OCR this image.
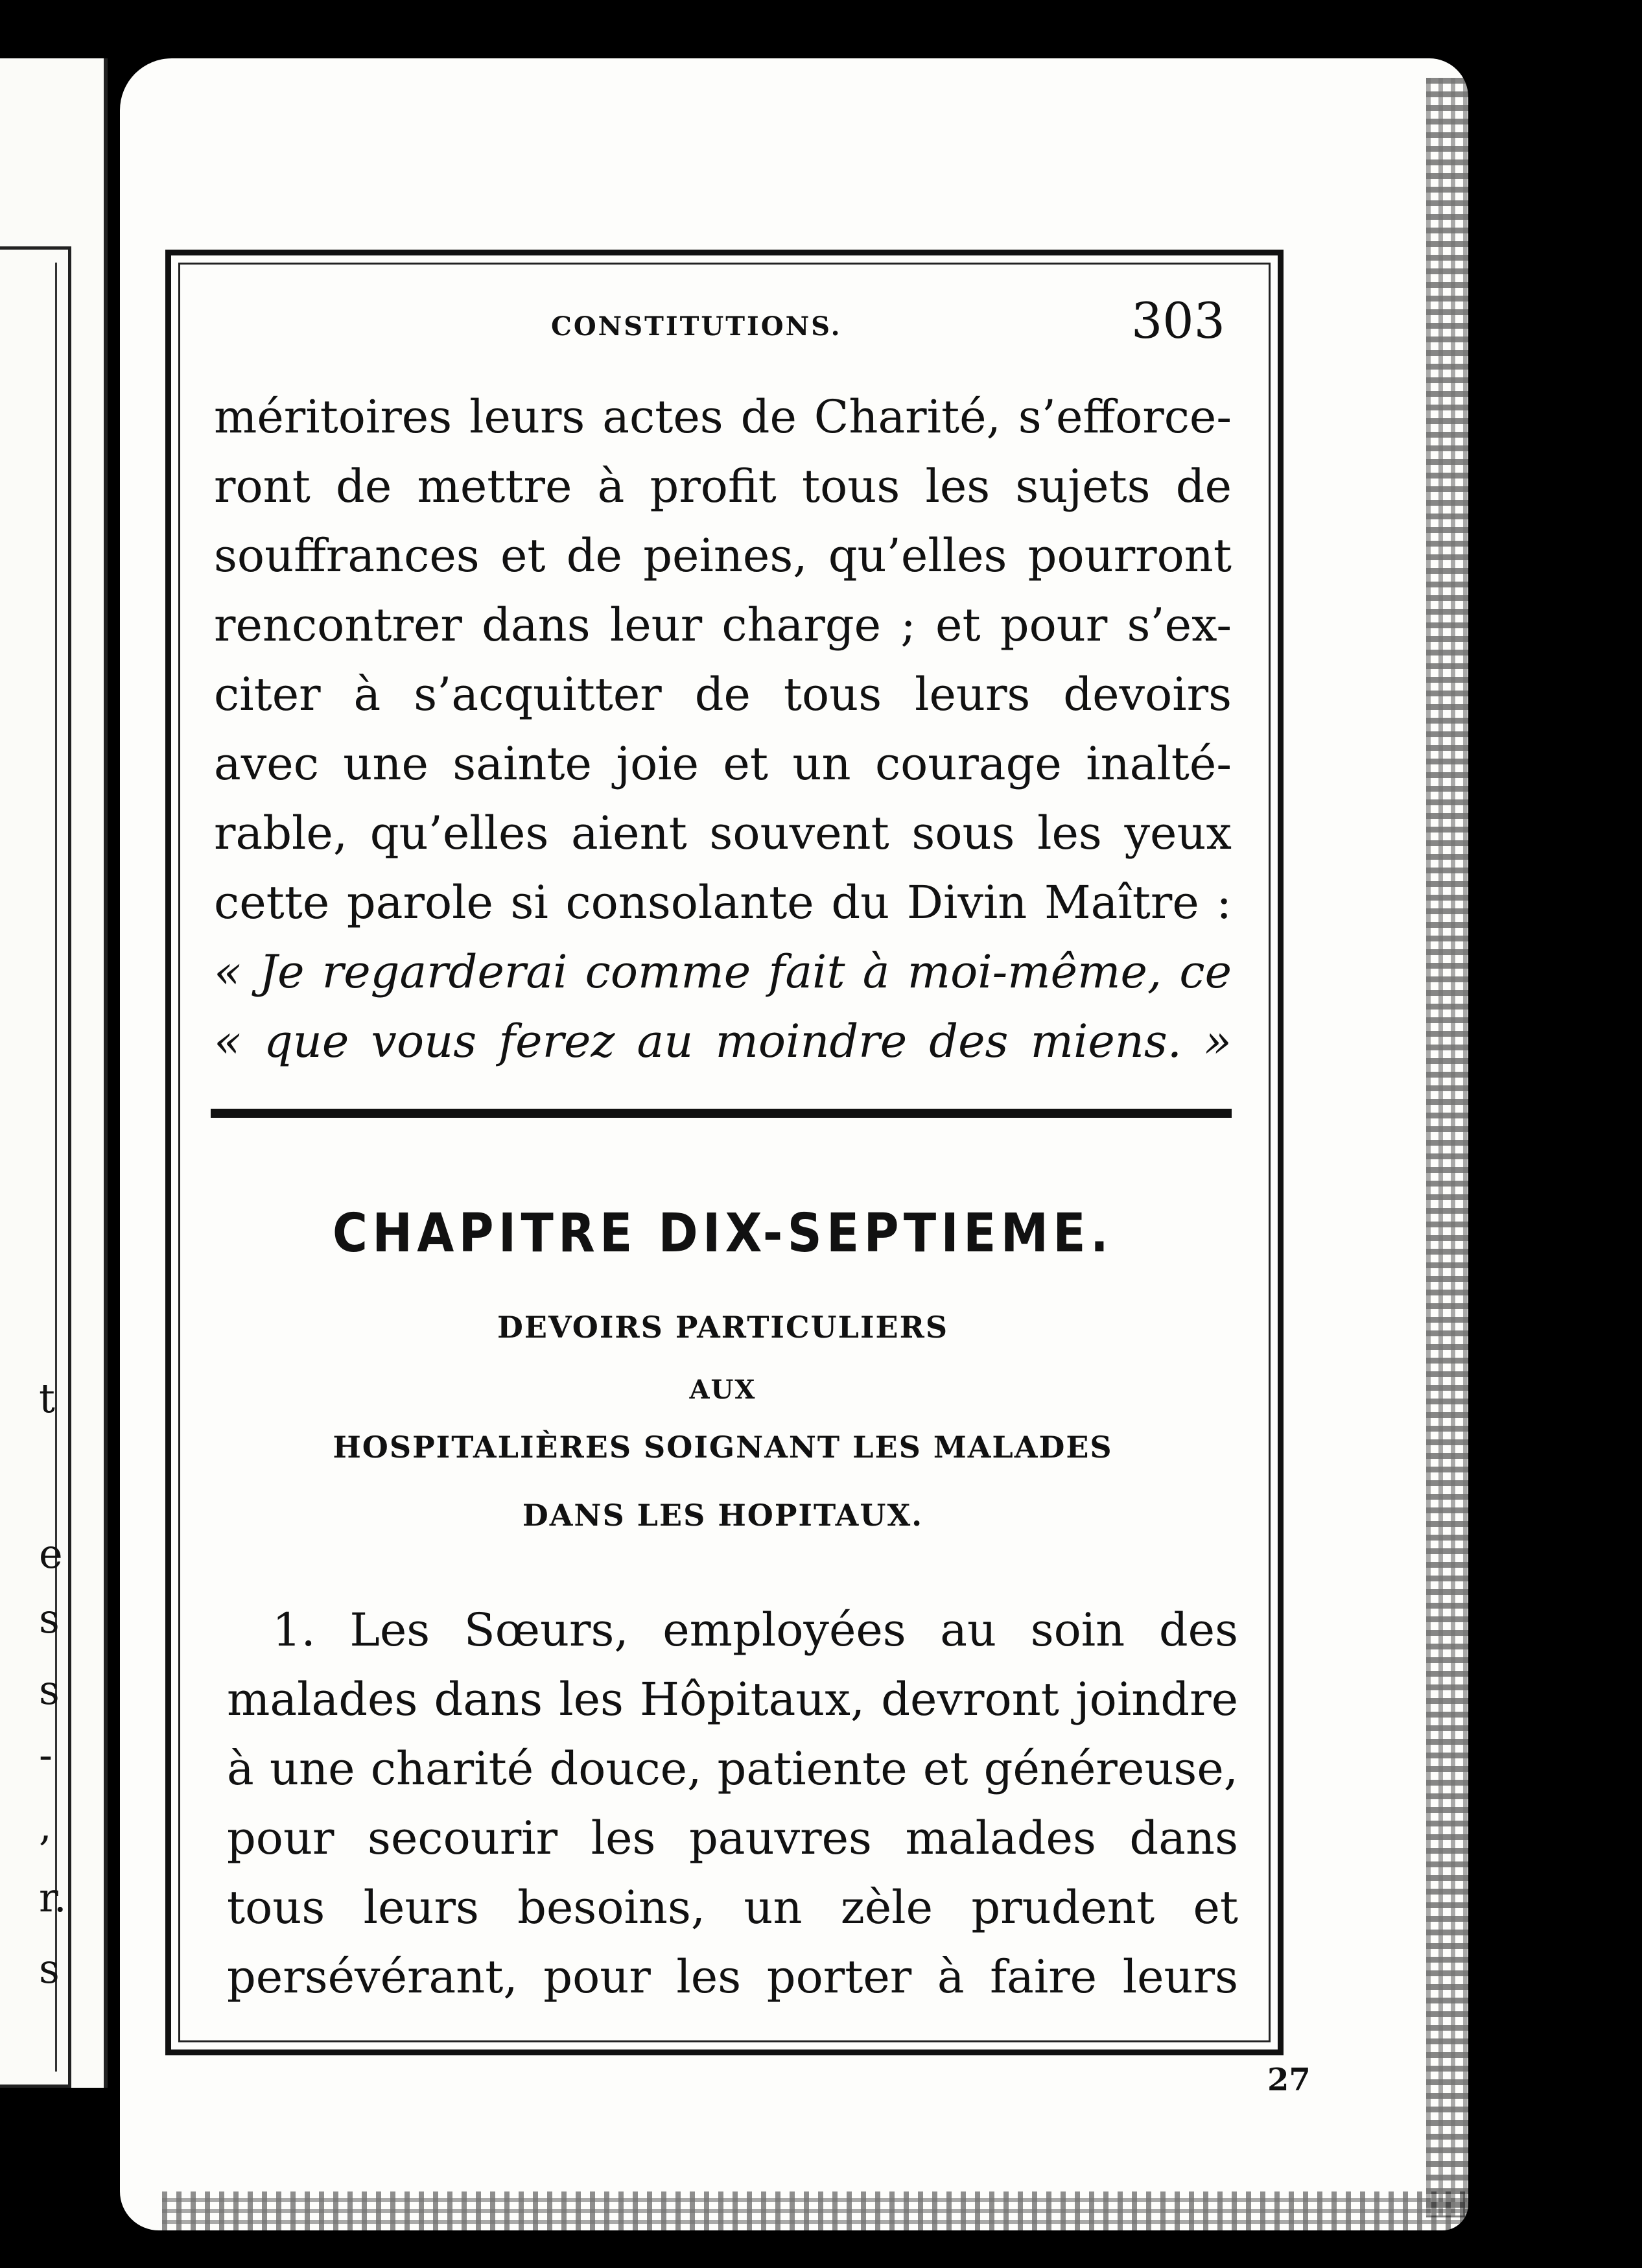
t
e
s
s
-
,
r.
s
CONSTITUTIONS.	303
méritoires leurs actes de Charité, s’efforce-
ront de mettre à profit tous les sujets de
souffrances et de peines, qu’elles pourront
rencontrer dans leur charge ; et pour s’ex-
citer à s’acquitter de tous leurs devoirs
avec une sainte joie et un courage inalté-
rable, qu’elles aient souvent sous les yeux
cette parole si consolante du Divin Maître :
« Je regarderai comme fait à moi-même, ce
« que vous ferez au moindre des miens. »
CHAPITRE DIX-SEPTIEME.
DEVOIRS PARTICULIERS
AUX
HOSPITALIÈRES SOIGNANT LES MALADES
DANS LES HOPITAUX.
1. Les Sœurs, employées au soin des
malades dans les Hôpitaux, devront joindre
à une charité douce, patiente et généreuse,
pour secourir les pauvres malades dans
tous leurs besoins, un zèle prudent et
persévérant, pour les porter à faire leurs
27
